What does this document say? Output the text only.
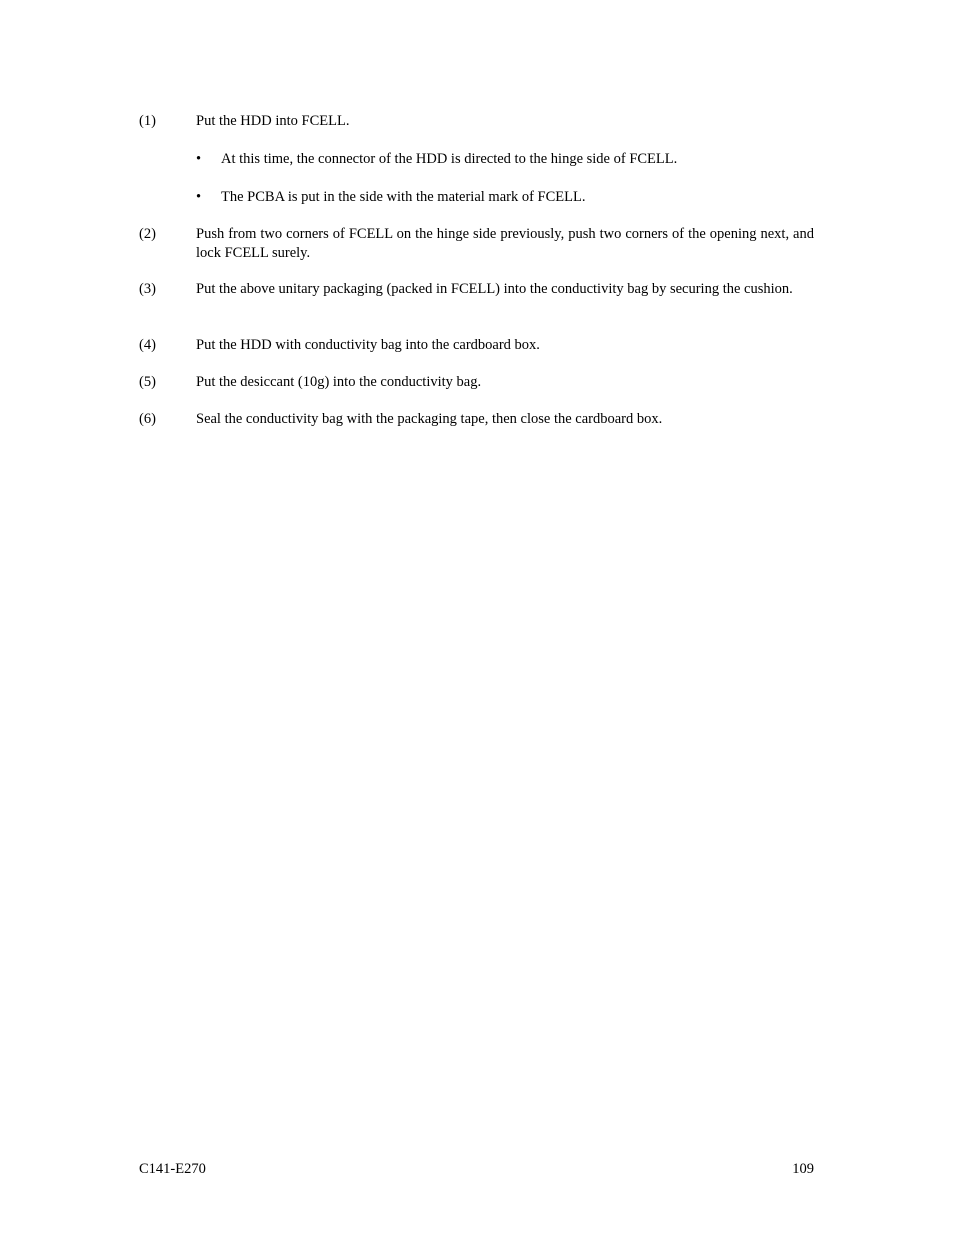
(1)	Put the HDD into FCELL.
• At this time, the connector of the HDD is directed to the hinge side of FCELL.
• The PCBA is put in the side with the material mark of FCELL.
(2)	Push from two corners of FCELL on the hinge side previously, push two corners of the opening next, and lock FCELL surely.
(3)	Put the above unitary packaging (packed in FCELL) into the conductivity bag by securing the cushion.
(4)	Put the HDD with conductivity bag into the cardboard box.
(5)	Put the desiccant (10g) into the conductivity bag.
(6)	Seal the conductivity bag with the packaging tape, then close the cardboard box.
C141-E270	109
